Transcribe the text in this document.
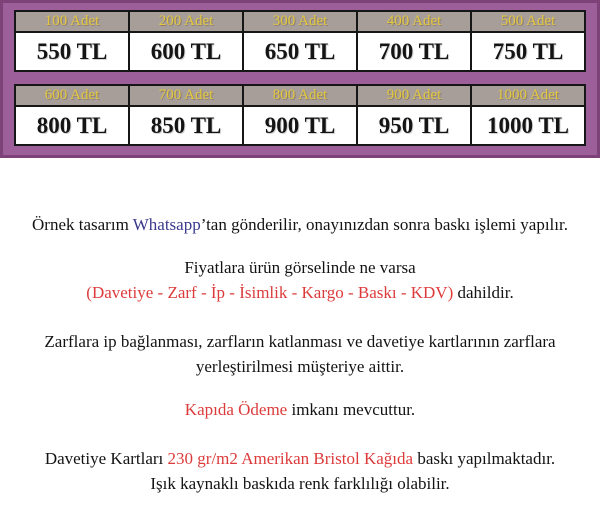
100 Adet	200 Adet	300 Adet	400 Adet	500 Adet
550 TL	600 TL	650 TL	700 TL	750 TL
600 Adet	700 Adet	800 Adet	900 Adet	1000 Adet
800 TL	850 TL	900 TL	950 TL	1000 TL

Örnek tasarım Whatsapp’tan gönderilir, onayınızdan sonra baskı işlemi yapılır.

Fiyatlara ürün görselinde ne varsa
(Davetiye - Zarf - İp - İsimlik - Kargo - Baskı - KDV) dahildir.

Zarflara ip bağlanması, zarfların katlanması ve davetiye kartlarının zarflara
yerleştirilmesi müşteriye aittir.

Kapıda Ödeme imkanı mevcuttur.

Davetiye Kartları 230 gr/m2 Amerikan Bristol Kağıda baskı yapılmaktadır.
Işık kaynaklı baskıda renk farklılığı olabilir.
